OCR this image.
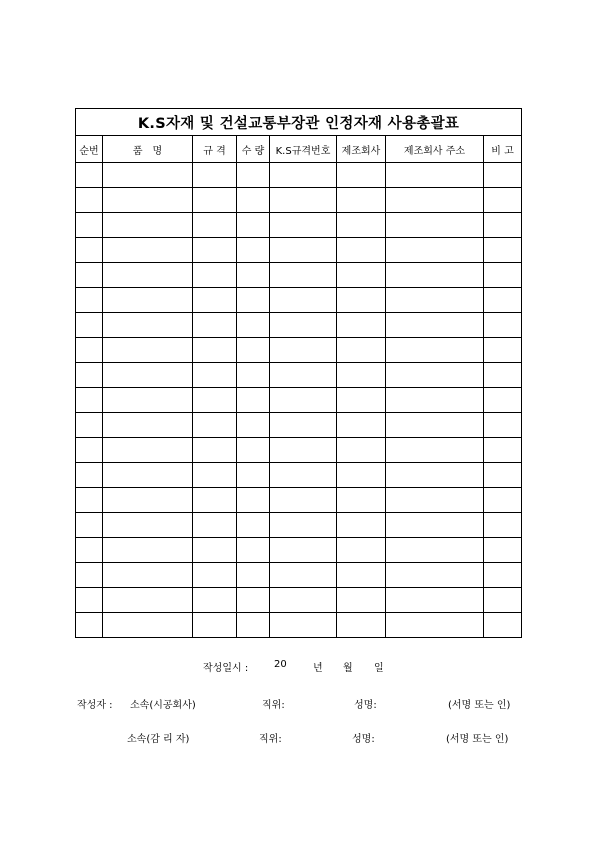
K.S자재 및 건설교통부장관 인정자재 사용총괄표							
순번	품　명	규 격	수 량	K.S규격번호	제조회사	제조회사 주소	비 고

작성일시 :	20	년 월 일
작성자 : 소속(시공회사)	직위:	성명:	(서명 또는 인)
소속(감 리 자)	직위:	성명:	(서명 또는 인)
